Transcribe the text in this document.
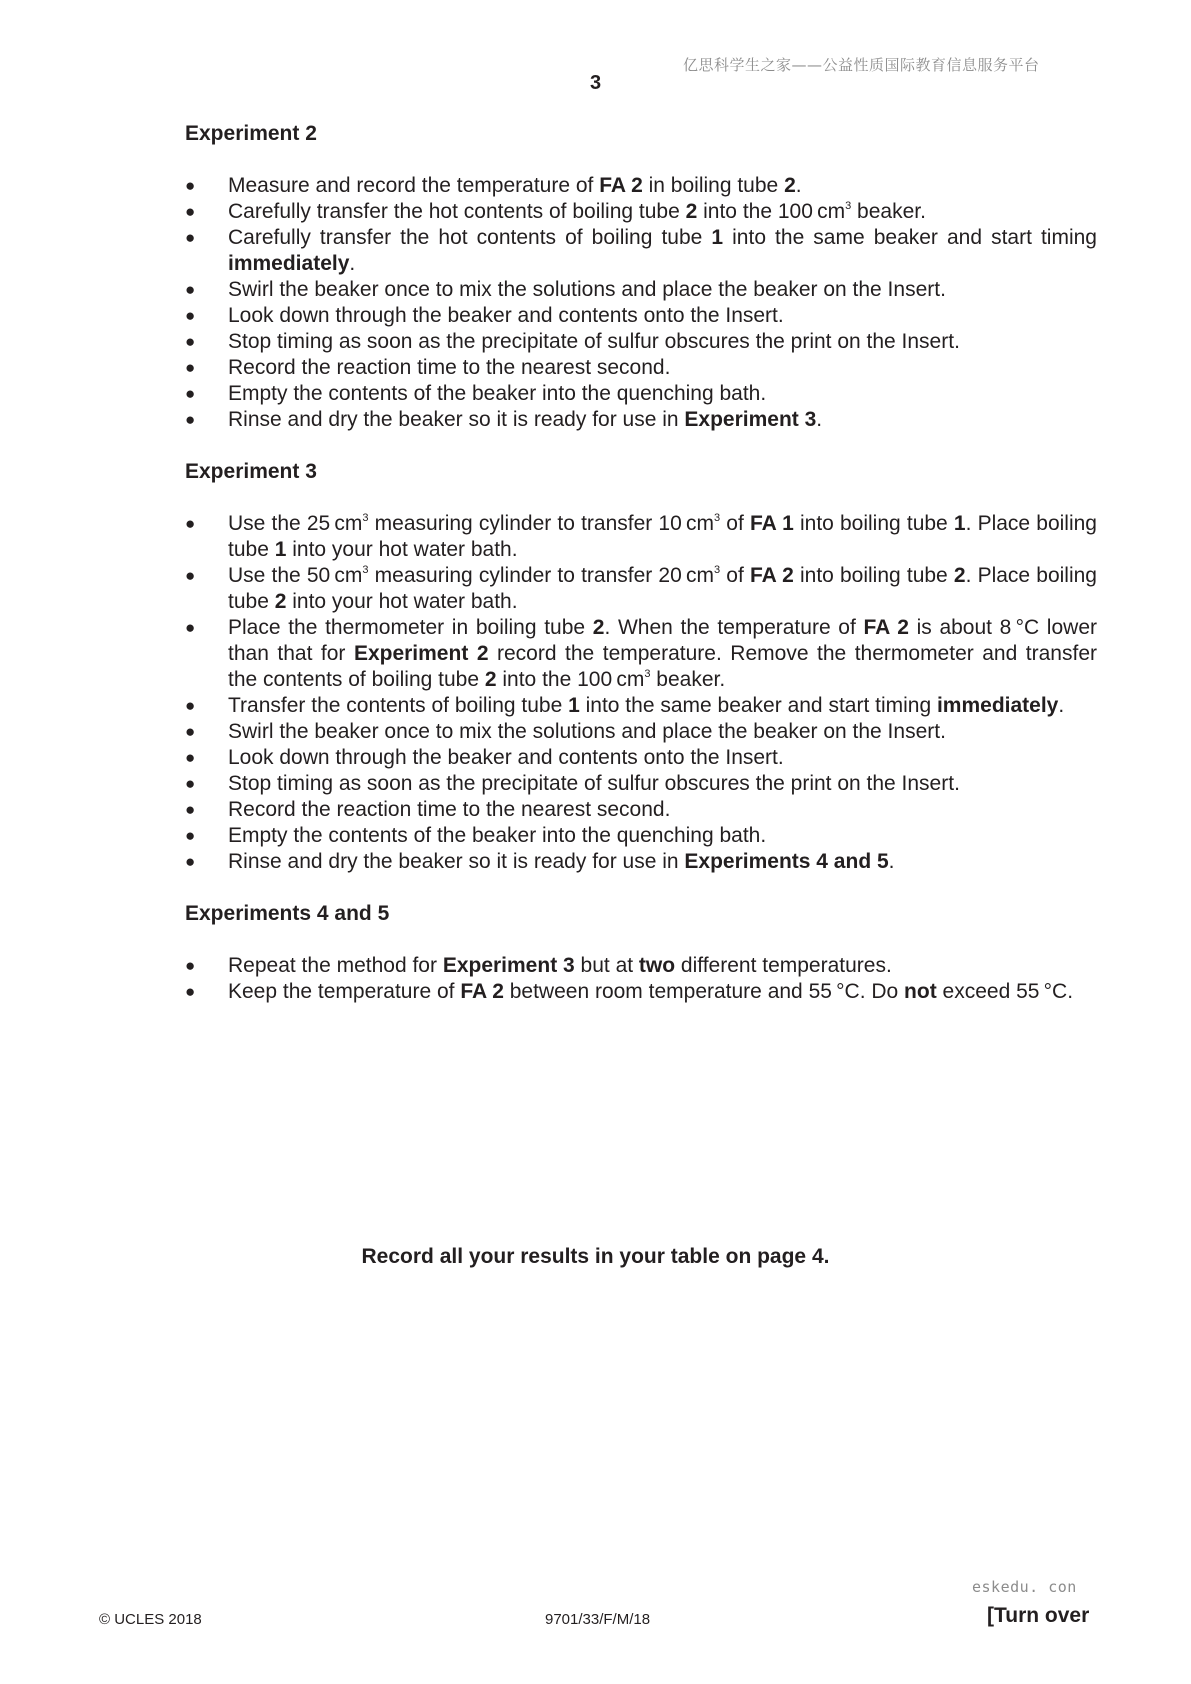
亿思科学生之家——公益性质国际教育信息服务平台
3
Experiment 2
●	Measure and record the temperature of FA 2 in boiling tube 2.
●	Carefully transfer the hot contents of boiling tube 2 into the 100 $cm^3$ beaker.
●	Carefully transfer the hot contents of boiling tube 1 into the same beaker and start timing immediately.
●	Swirl the beaker once to mix the solutions and place the beaker on the Insert.
●	Look down through the beaker and contents onto the Insert.
●	Stop timing as soon as the precipitate of sulfur obscures the print on the Insert.
●	Record the reaction time to the nearest second.
●	Empty the contents of the beaker into the quenching bath.
●	Rinse and dry the beaker so it is ready for use in Experiment 3.
Experiment 3
●	Use the 25 $cm^3$ measuring cylinder to transfer 10 $cm^3$ of FA 1 into boiling tube 1. Place boiling tube 1 into your hot water bath.
●	Use the 50 $cm^3$ measuring cylinder to transfer 20 $cm^3$ of FA 2 into boiling tube 2. Place boiling tube 2 into your hot water bath.
●	Place the thermometer in boiling tube 2. When the temperature of FA 2 is about 8 °C lower than that for Experiment 2 record the temperature. Remove the thermometer and transfer the contents of boiling tube 2 into the 100 $cm^3$ beaker.
●	Transfer the contents of boiling tube 1 into the same beaker and start timing immediately.
●	Swirl the beaker once to mix the solutions and place the beaker on the Insert.
●	Look down through the beaker and contents onto the Insert.
●	Stop timing as soon as the precipitate of sulfur obscures the print on the Insert.
●	Record the reaction time to the nearest second.
●	Empty the contents of the beaker into the quenching bath.
●	Rinse and dry the beaker so it is ready for use in Experiments 4 and 5.
Experiments 4 and 5
●	Repeat the method for Experiment 3 but at two different temperatures.
●	Keep the temperature of FA 2 between room temperature and 55 °C. Do not exceed 55 °C.
Record all your results in your table on page 4.
eskedu. con
© UCLES 2018	9701/33/F/M/18	[Turn over
